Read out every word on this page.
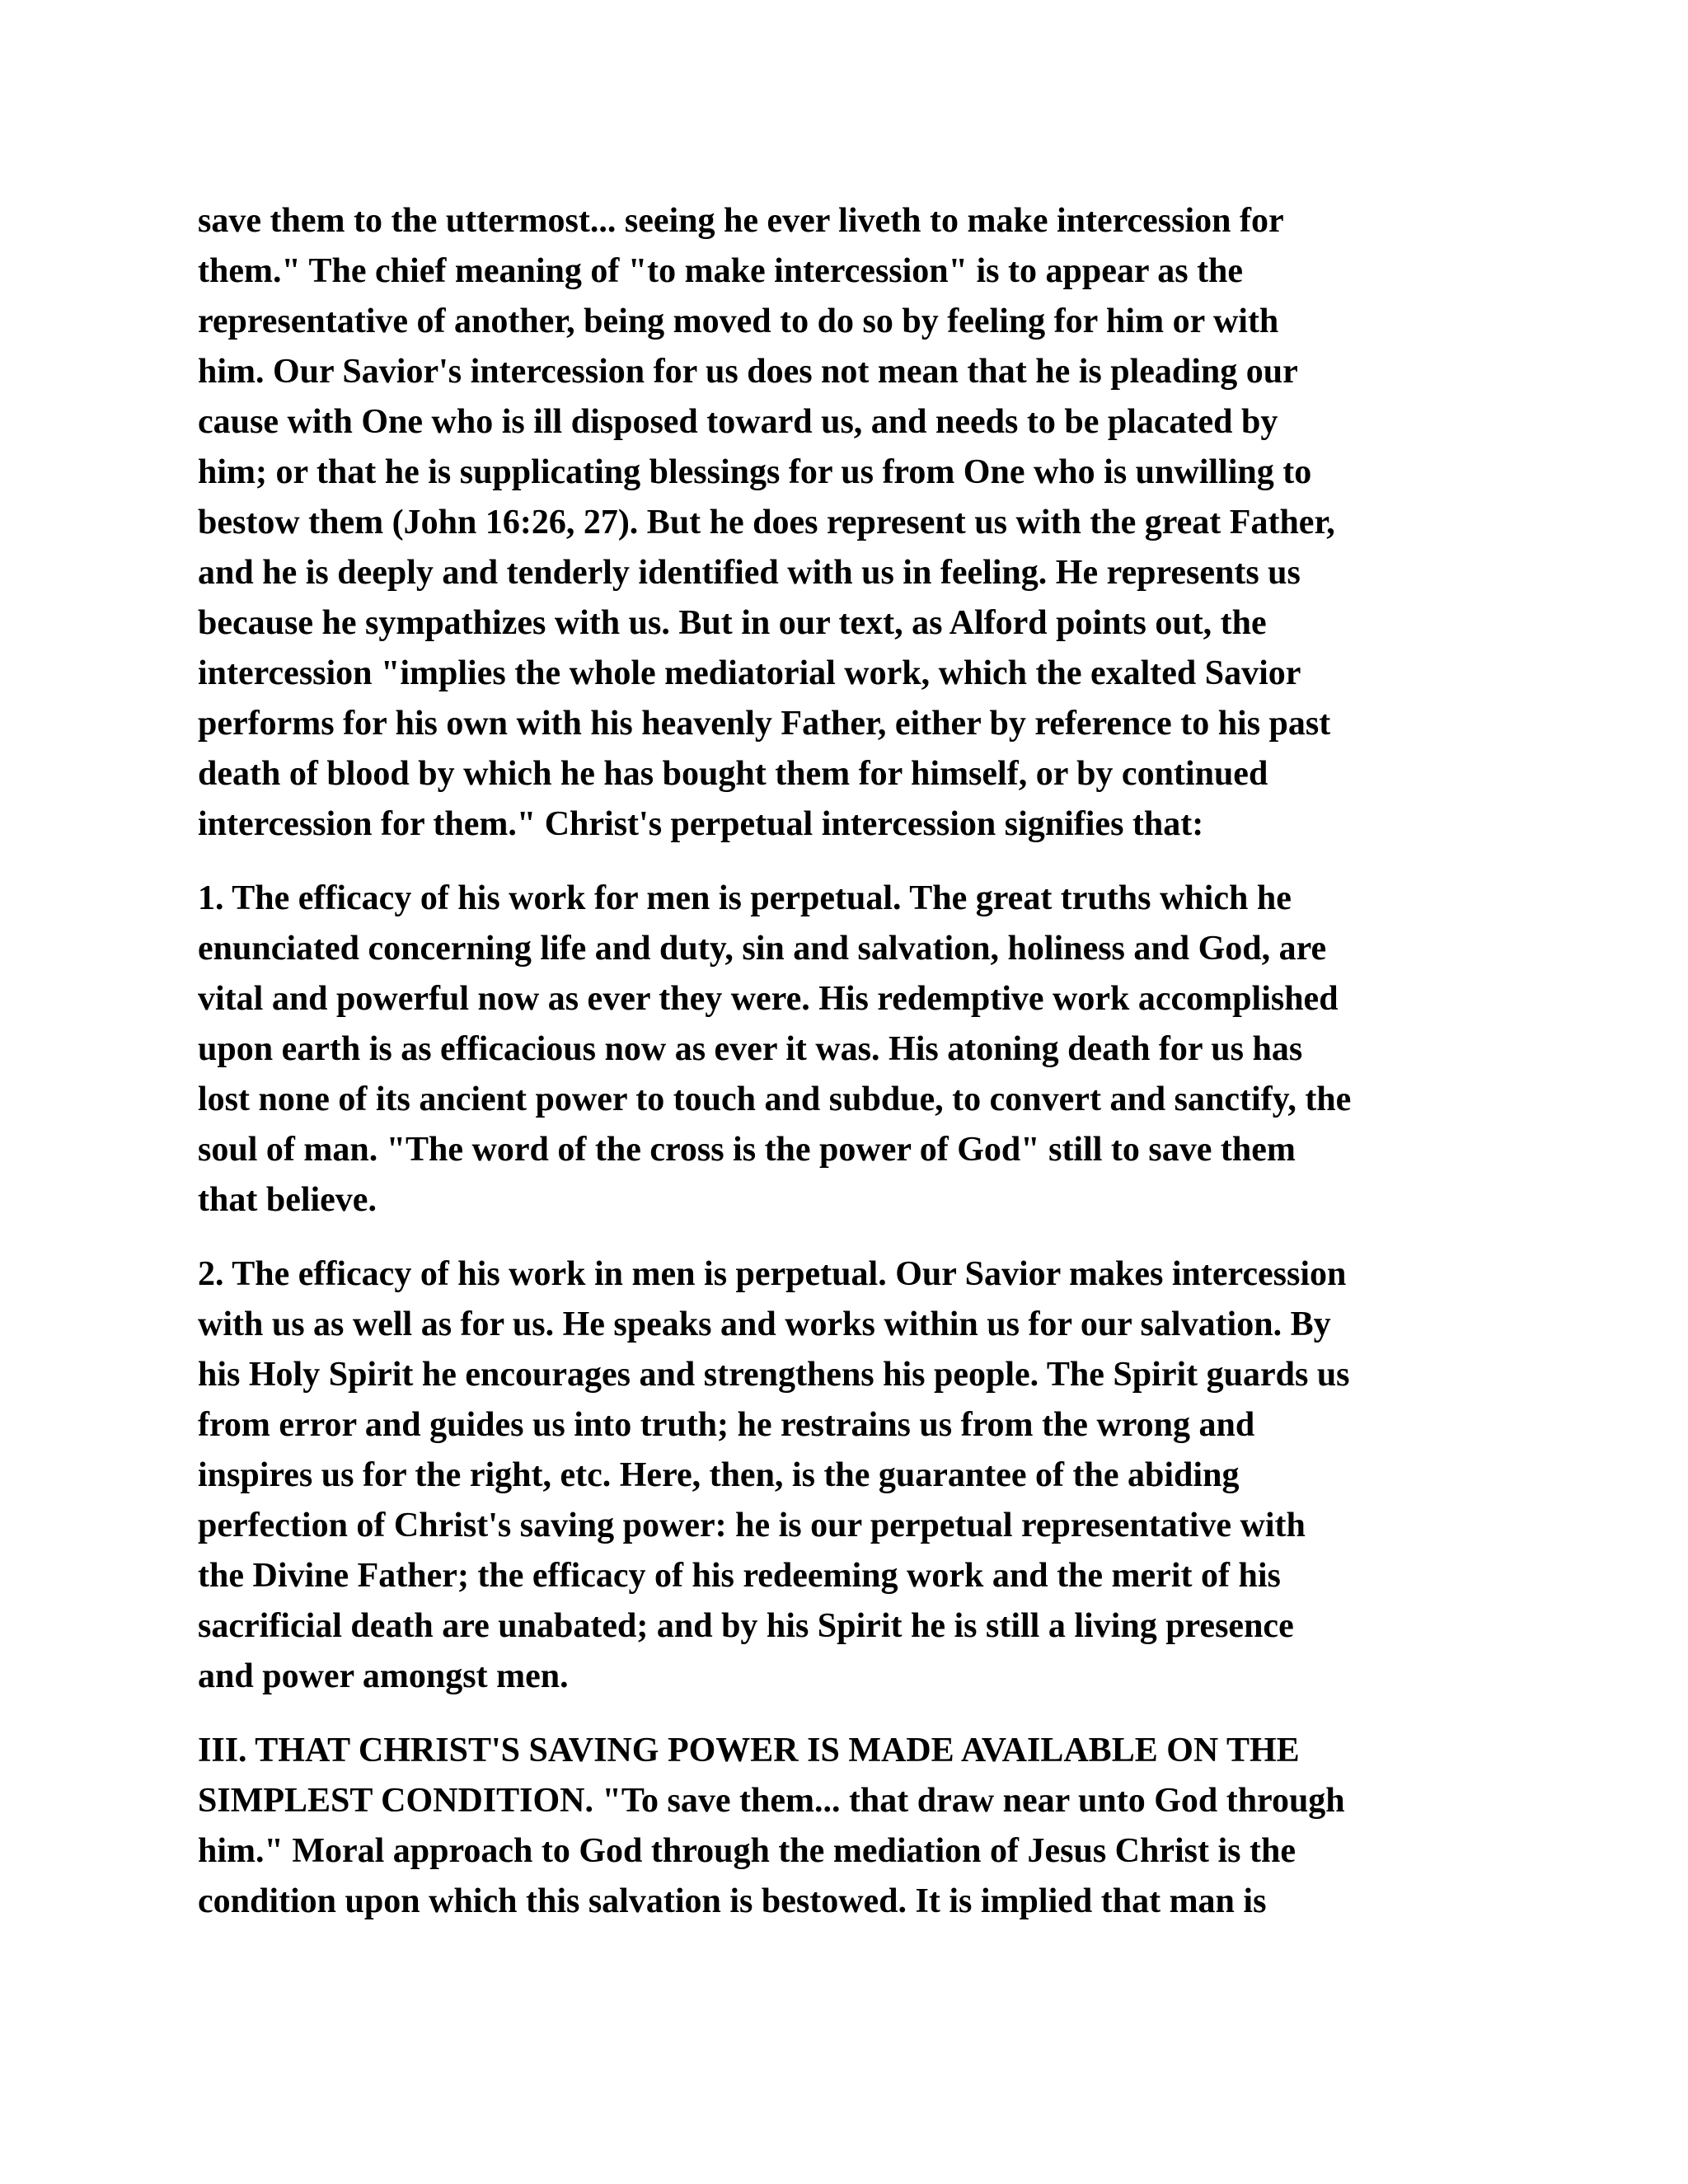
save them to the uttermost... seeing he ever liveth to make intercession for
them." The chief meaning of "to make intercession" is to appear as the
representative of another, being moved to do so by feeling for him or with
him. Our Savior's intercession for us does not mean that he is pleading our
cause with One who is ill disposed toward us, and needs to be placated by
him; or that he is supplicating blessings for us from One who is unwilling to
bestow them (John 16:26, 27). But he does represent us with the great Father,
and he is deeply and tenderly identified with us in feeling. He represents us
because he sympathizes with us. But in our text, as Alford points out, the
intercession "implies the whole mediatorial work, which the exalted Savior
performs for his own with his heavenly Father, either by reference to his past
death of blood by which he has bought them for himself, or by continued
intercession for them." Christ's perpetual intercession signifies that:

1. The efficacy of his work for men is perpetual. The great truths which he
enunciated concerning life and duty, sin and salvation, holiness and God, are
vital and powerful now as ever they were. His redemptive work accomplished
upon earth is as efficacious now as ever it was. His atoning death for us has
lost none of its ancient power to touch and subdue, to convert and sanctify, the
soul of man. "The word of the cross is the power of God" still to save them
that believe.

2. The efficacy of his work in men is perpetual. Our Savior makes intercession
with us as well as for us. He speaks and works within us for our salvation. By
his Holy Spirit he encourages and strengthens his people. The Spirit guards us
from error and guides us into truth; he restrains us from the wrong and
inspires us for the right, etc. Here, then, is the guarantee of the abiding
perfection of Christ's saving power: he is our perpetual representative with
the Divine Father; the efficacy of his redeeming work and the merit of his
sacrificial death are unabated; and by his Spirit he is still a living presence
and power amongst men.

III. THAT CHRIST'S SAVING POWER IS MADE AVAILABLE ON THE
SIMPLEST CONDITION. "To save them... that draw near unto God through
him." Moral approach to God through the mediation of Jesus Christ is the
condition upon which this salvation is bestowed. It is implied that man is
